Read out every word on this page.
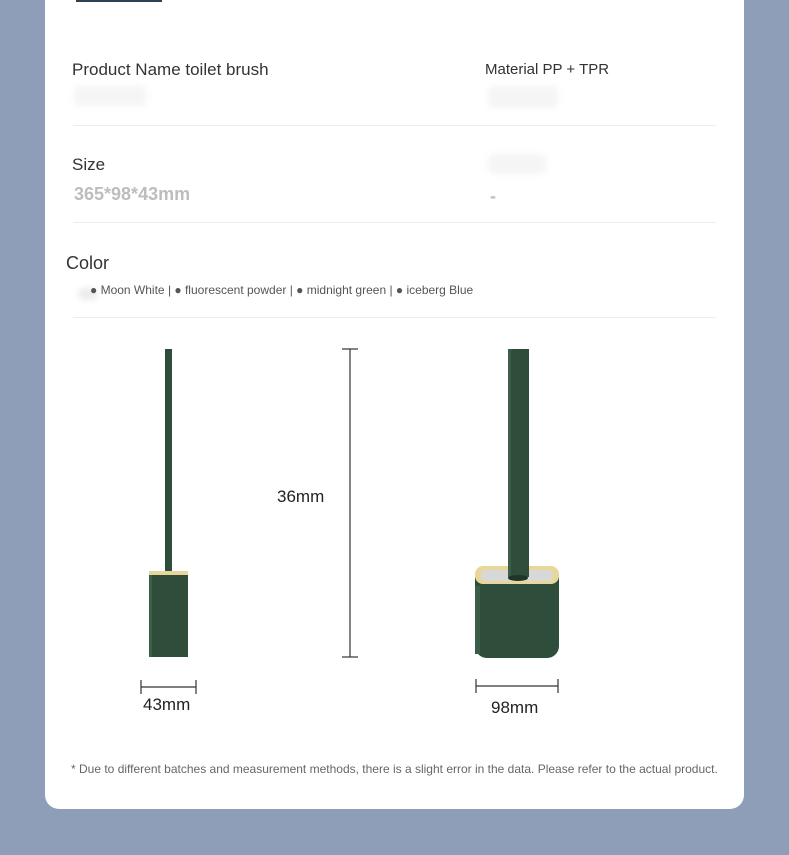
Product Name toilet brush	Material PP + TPR
Size
365*98*43mm	-
Color
● Moon White | ● fluorescent powder | ● midnight green | ● iceberg Blue
36mm
43mm	98mm
* Due to different batches and measurement methods, there is a slight error in the data. Please refer to the actual product.
